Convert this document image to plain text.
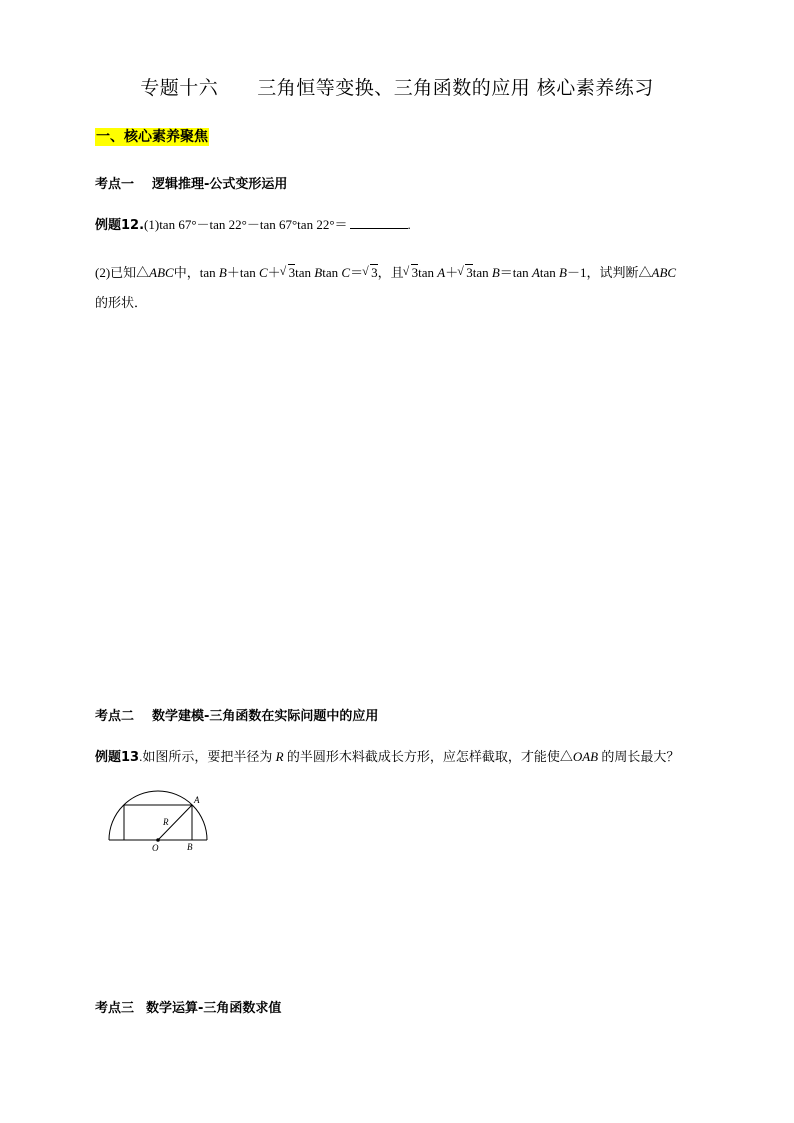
专题十六　　三角恒等变换、三角函数的应用 核心素养练习
一、核心素养聚焦
考点一 逻辑推理-公式变形运用
例题12.(1)tan 67°－tan 22°－tan 67°tan 22°＝	.
(2)已知△ABC中，tan B＋tan C＋ √ 3tan Btan C＝ √ 3，且 √ 3tan A＋ √ 3tan B＝tan Atan B－1，试判断△ABC
的形状．
考点二 数学建模-三角函数在实际问题中的应用
例题13.如图所示，要把半径为 R 的半圆形木料截成长方形，应怎样截取，才能使△OAB 的周长最大？
A
R
O	B
考点三 数学运算-三角函数求值
